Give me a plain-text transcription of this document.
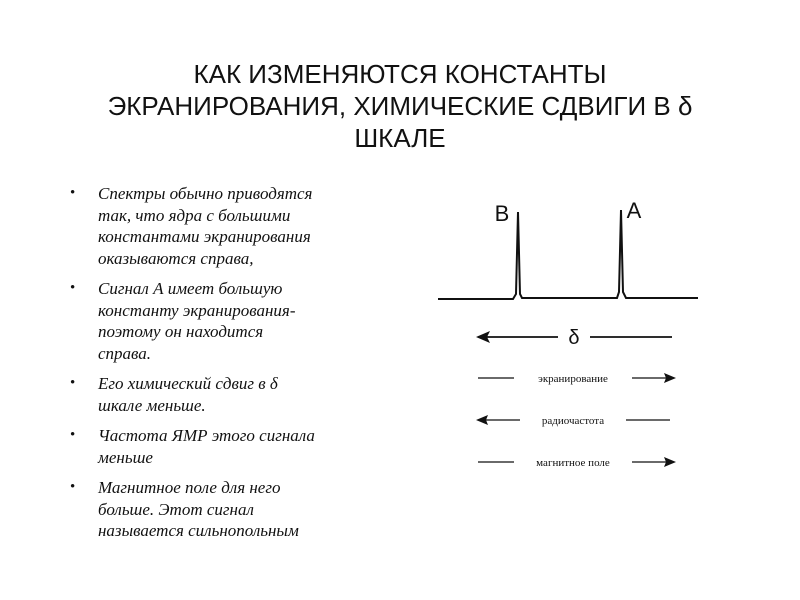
КАК ИЗМЕНЯЮТСЯ КОНСТАНТЫ
ЭКРАНИРОВАНИЯ, ХИМИЧЕСКИЕ СДВИГИ В δ
ШКАЛЕ
• Спектры обычно приводятся
так, что ядра с большими
константами экранирования
оказываются справа,
• Сигнал А имеет большую
константу экранирования-
поэтому он находится
справа.
• Его химический сдвиг в δ
шкале меньше.
• Частота ЯМР этого сигнала
меньше
• Магнитное поле для него
больше. Этот сигнал
называется сильнопольным
B	A
δ
экранирование
радиочастота
магнитное поле
